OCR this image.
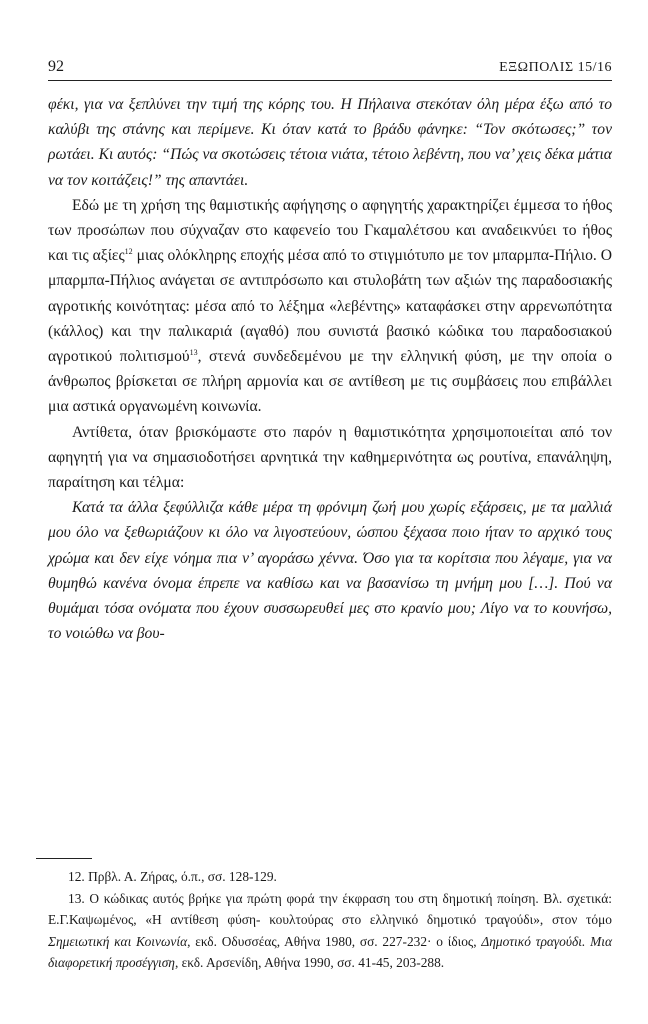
92	ΕΞΩΠΟΛΙΣ 15/16

φέκι, για να ξεπλύνει την τιμή της κόρης του. Η Πήλαινα στεκόταν όλη μέρα έξω από το καλύβι της στάνης και περίμενε. Κι όταν κατά το βράδυ φάνηκε: “Τον σκότωσες;” τον ρωτάει. Κι αυτός: “Πώς να σκοτώσεις τέτοια νιάτα, τέτοιο λεβέντη, που να’ χεις δέκα μάτια να τον κοιτάζεις!” της απαντάει.

Εδώ με τη χρήση της θαμιστικής αφήγησης ο αφηγητής χαρακτηρίζει έμμεσα το ήθος των προσώπων που σύχναζαν στο καφενείο του Γκαμαλέτσου και αναδεικνύει το ήθος και τις αξίες$^{12}$ μιας ολόκληρης εποχής μέσα από το στιγμιότυπο με τον μπαρμπα-Πήλιο. Ο μπαρμπα-Πήλιος ανάγεται σε αντιπρόσωπο και στυλοβάτη των αξιών της παραδοσιακής αγροτικής κοινότητας: μέσα από το λέξημα «λεβέντης» καταφάσκει στην αρρενωπότητα (κάλλος) και την παλικαριά (αγαθό) που συνιστά βασικό κώδικα του παραδοσιακού αγροτικού πολιτισμού$^{13}$, στενά συνδεδεμένου με την ελληνική φύση, με την οποία ο άνθρωπος βρίσκεται σε πλήρη αρμονία και σε αντίθεση με τις συμβάσεις που επιβάλλει μια αστικά οργανωμένη κοινωνία.

Αντίθετα, όταν βρισκόμαστε στο παρόν η θαμιστικότητα χρησιμοποιείται από τον αφηγητή για να σημασιοδοτήσει αρνητικά την καθημερινότητα ως ρουτίνα, επανάληψη, παραίτηση και τέλμα:

Κατά τα άλλα ξεφύλλιζα κάθε μέρα τη φρόνιμη ζωή μου χωρίς εξάρσεις, με τα μαλλιά μου όλο να ξεθωριάζουν κι όλο να λιγοστεύουν, ώσπου ξέχασα ποιο ήταν το αρχικό τους χρώμα και δεν είχε νόημα πια ν’ αγοράσω χέννα. Όσο για τα κορίτσια που λέγαμε, για να θυμηθώ κανένα όνομα έπρεπε να καθίσω και να βασανίσω τη μνήμη μου […]. Πού να θυμάμαι τόσα ονόματα που έχουν συσσωρευθεί μες στο κρανίο μου; Λίγο να το κουνήσω, το νοιώθω να βου-

12. Πρβλ. Α. Ζήρας, ό.π., σσ. 128-129.

13. Ο κώδικας αυτός βρήκε για πρώτη φορά την έκφραση του στη δημοτική ποίηση. Βλ. σχετικά: Ε.Γ.Καψωμένος, «Η αντίθεση φύση- κουλτούρας στο ελληνικό δημοτικό τραγούδι», στον τόμο Σημειωτική και Κοινωνία, εκδ. Οδυσσέας, Αθήνα 1980, σσ. 227-232· ο ίδιος, Δημοτικό τραγούδι. Μια διαφορετική προσέγγιση, εκδ. Αρσενίδη, Αθήνα 1990, σσ. 41-45, 203-288.
